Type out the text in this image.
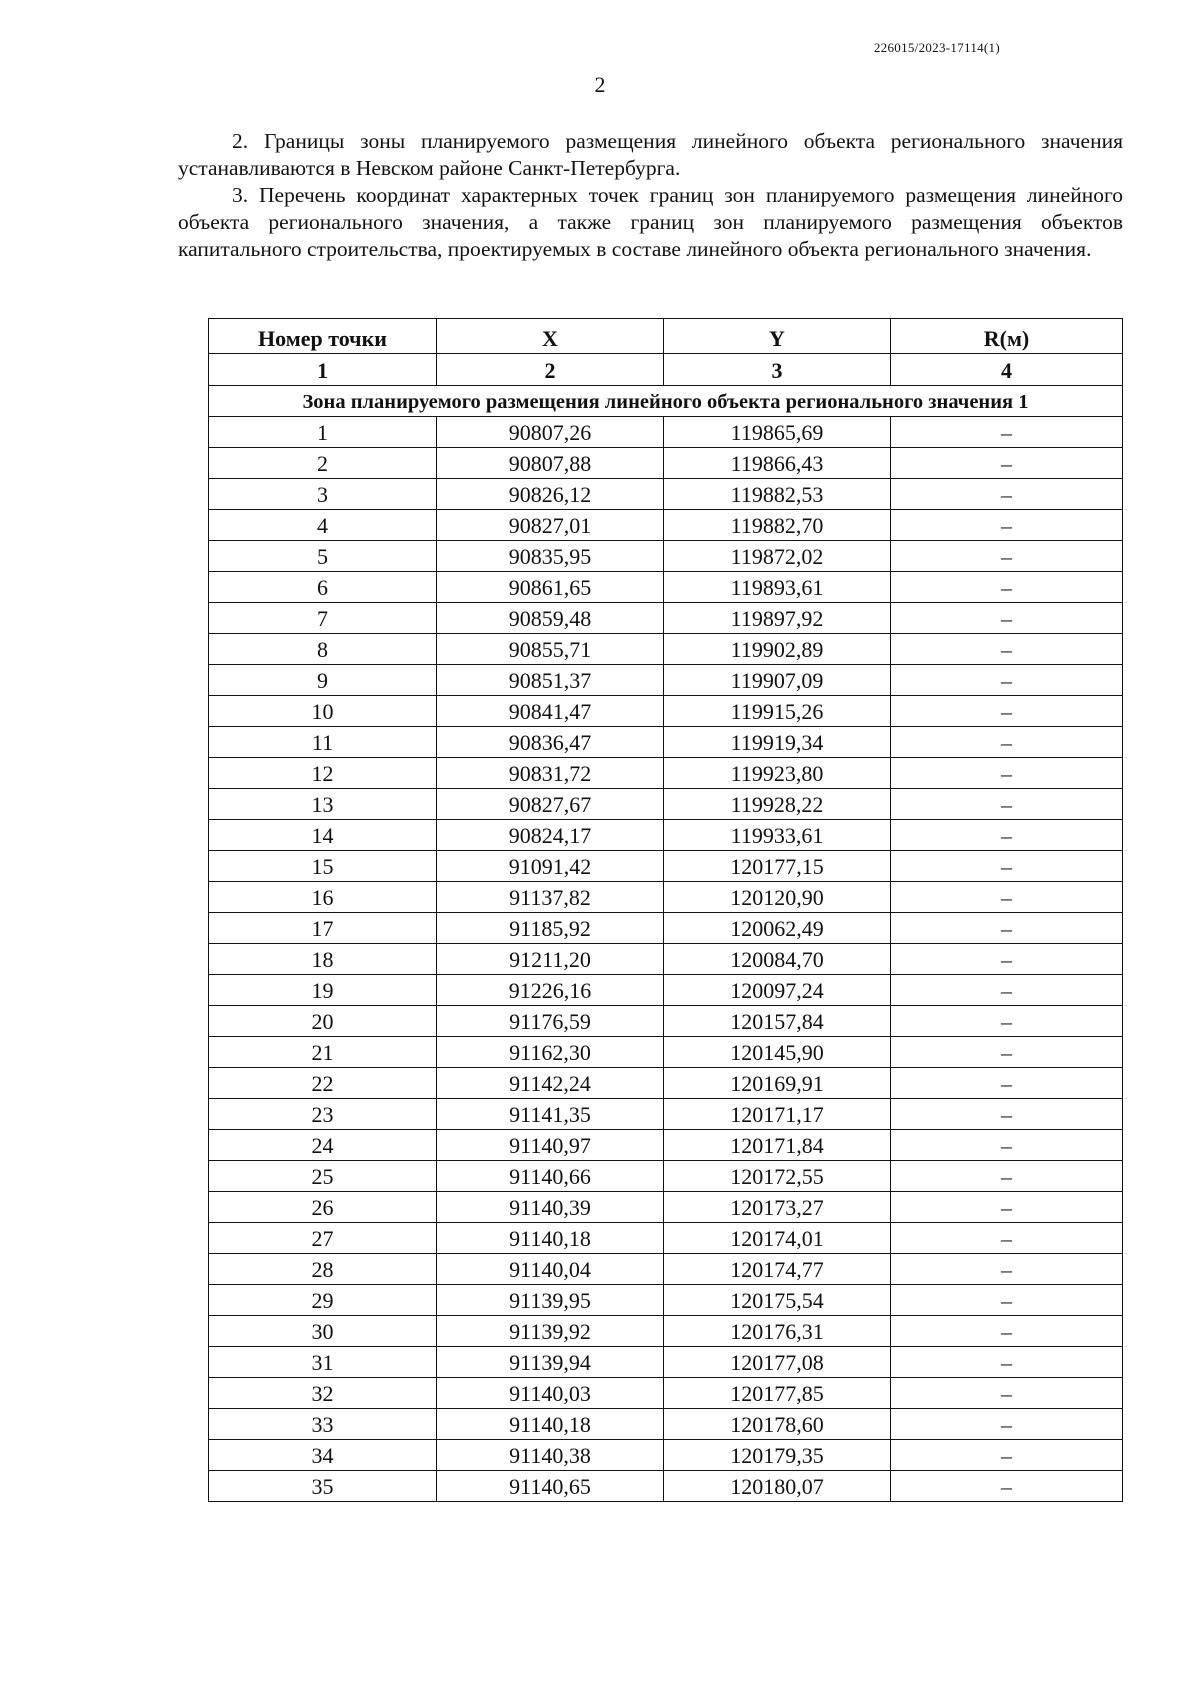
226015/2023-17114(1)
2

2. Границы зоны планируемого размещения линейного объекта регионального значения устанавливаются в Невском районе Санкт-Петербурга.

3. Перечень координат характерных точек границ зон планируемого размещения линейного объекта регионального значения, а также границ зон планируемого размещения объектов капитального строительства, проектируемых в составе линейного объекта регионального значения.

Номер точки	X	Y	R(м)
1	2	3	4
Зона планируемого размещения линейного объекта регионального значения 1			
1	90807,26	119865,69	–
2	90807,88	119866,43	–
3	90826,12	119882,53	–
4	90827,01	119882,70	–
5	90835,95	119872,02	–
6	90861,65	119893,61	–
7	90859,48	119897,92	–
8	90855,71	119902,89	–
9	90851,37	119907,09	–
10	90841,47	119915,26	–
11	90836,47	119919,34	–
12	90831,72	119923,80	–
13	90827,67	119928,22	–
14	90824,17	119933,61	–
15	91091,42	120177,15	–
16	91137,82	120120,90	–
17	91185,92	120062,49	–
18	91211,20	120084,70	–
19	91226,16	120097,24	–
20	91176,59	120157,84	–
21	91162,30	120145,90	–
22	91142,24	120169,91	–
23	91141,35	120171,17	–
24	91140,97	120171,84	–
25	91140,66	120172,55	–
26	91140,39	120173,27	–
27	91140,18	120174,01	–
28	91140,04	120174,77	–
29	91139,95	120175,54	–
30	91139,92	120176,31	–
31	91139,94	120177,08	–
32	91140,03	120177,85	–
33	91140,18	120178,60	–
34	91140,38	120179,35	–
35	91140,65	120180,07	–
